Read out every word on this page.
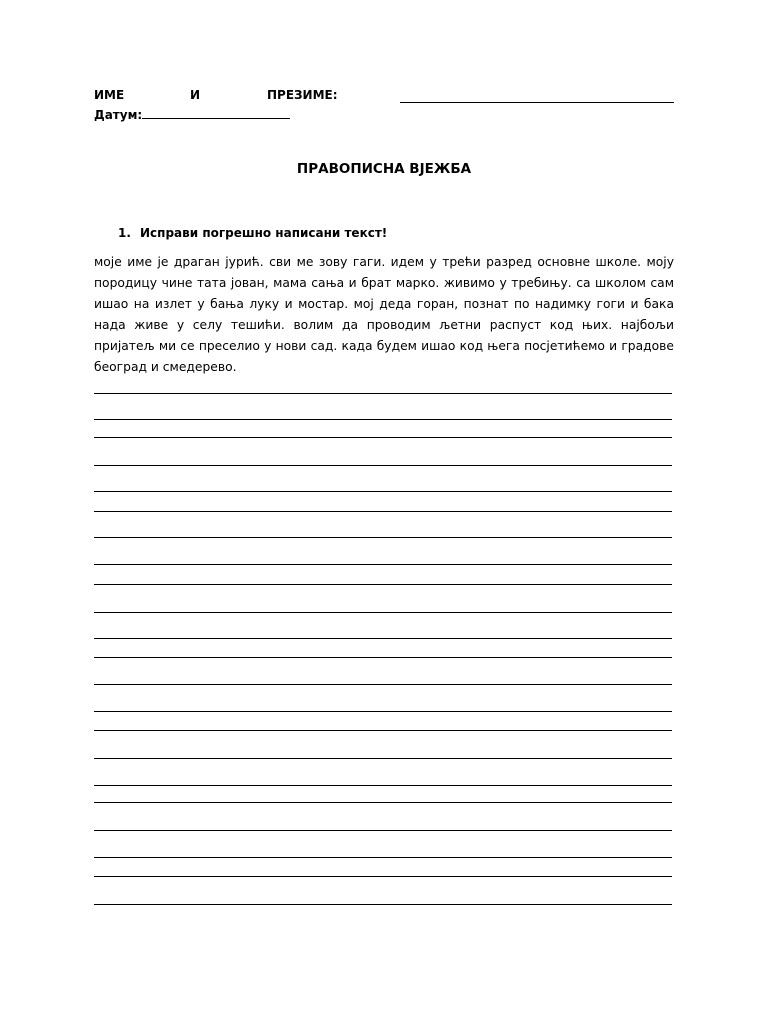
ИМЕ	И	ПРЕЗИМЕ:
Датум:
ПРАВОПИСНА ВЈЕЖБА
1. Исправи погрешно написани текст!
моје име је драган јурић. сви ме зову гаги. идем у трећи разред основне школе. моју породицу чине тата јован, мама сања и брат марко. живимо у требињу. са школом сам ишао на излет у бања луку и мостар. мој деда горан, познат по надимку гоги и бака нада живе у селу тешићи. волим да проводим љетни распуст код њих. најбољи пријатељ ми се преселио у нови сад. када будем ишао код њега посјетићемо и градове београд и смедерево.
